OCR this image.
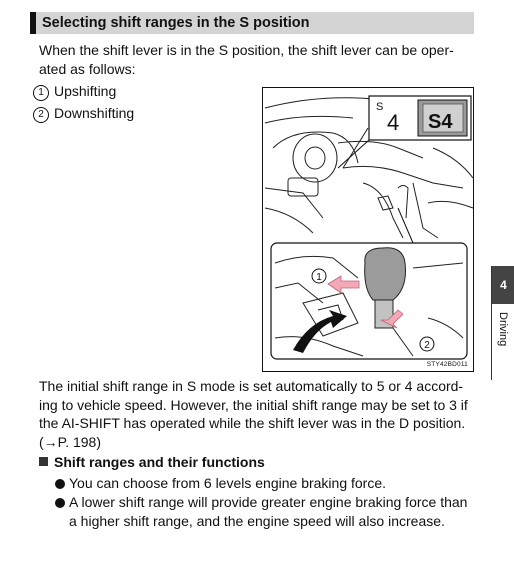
Selecting shift ranges in the S position
When the shift lever is in the S position, the shift lever can be oper-ated as follows:
1 Upshifting
2 Downshifting	S
4 S4
1
2
STY42BD011
4
Driving
The initial shift range in S mode is set automatically to 5 or 4 accord-ing to vehicle speed. However, the initial shift range may be set to 3 if the AI-SHIFT has operated while the shift lever was in the D position. (→P. 198)
Shift ranges and their functions
You can choose from 6 levels engine braking force.
A lower shift range will provide greater engine braking force than a higher shift range, and the engine speed will also increase.
